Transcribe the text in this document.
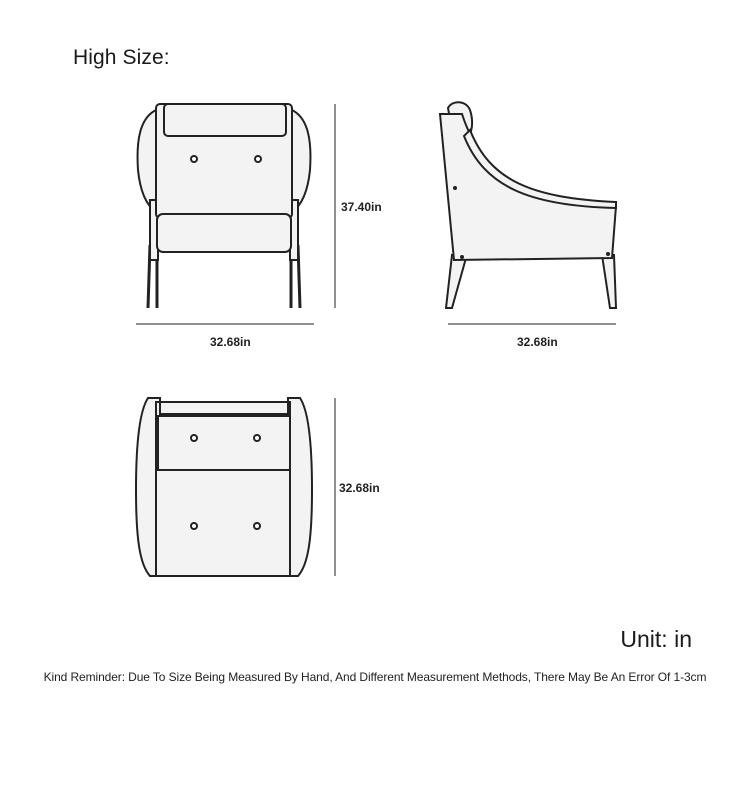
High Size:
37.40in
32.68in	32.68in
32.68in
Unit: in
Kind Reminder: Due To Size Being Measured By Hand, And Different Measurement Methods, There May Be An Error Of 1-3cm
